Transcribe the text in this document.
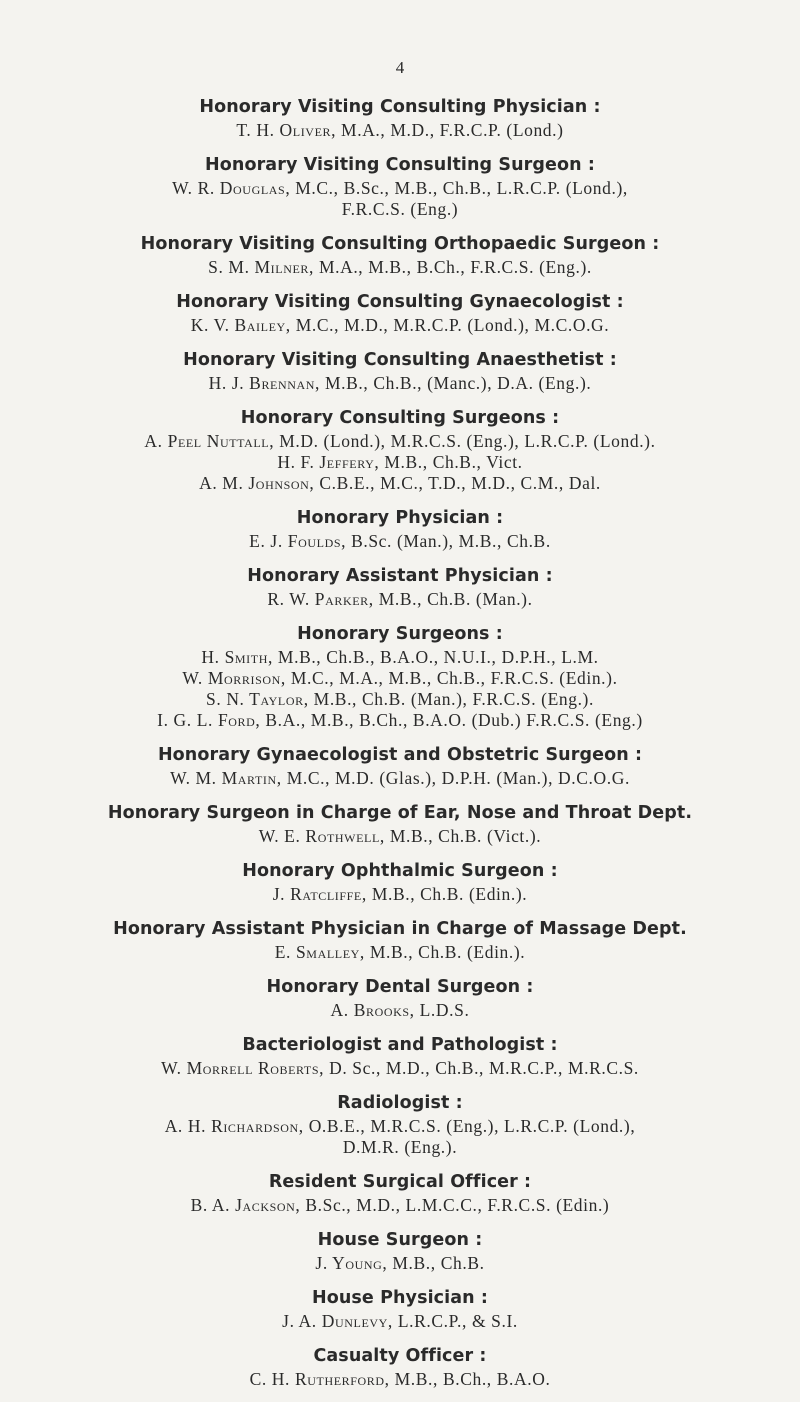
4
Honorary Visiting Consulting Physician :
T. H. Oliver, M.A., M.D., F.R.C.P. (Lond.)
Honorary Visiting Consulting Surgeon :
W. R. Douglas, M.C., B.Sc., M.B., Ch.B., L.R.C.P. (Lond.),
F.R.C.S. (Eng.)
Honorary Visiting Consulting Orthopaedic Surgeon :
S. M. Milner, M.A., M.B., B.Ch., F.R.C.S. (Eng.).
Honorary Visiting Consulting Gynaecologist :
K. V. Bailey, M.C., M.D., M.R.C.P. (Lond.), M.C.O.G.
Honorary Visiting Consulting Anaesthetist :
H. J. Brennan, M.B., Ch.B., (Manc.), D.A. (Eng.).
Honorary Consulting Surgeons :
A. Peel Nuttall, M.D. (Lond.), M.R.C.S. (Eng.), L.R.C.P. (Lond.).
H. F. Jeffery, M.B., Ch.B., Vict.
A. M. Johnson, C.B.E., M.C., T.D., M.D., C.M., Dal.
Honorary Physician :
E. J. Foulds, B.Sc. (Man.), M.B., Ch.B.
Honorary Assistant Physician :
R. W. Parker, M.B., Ch.B. (Man.).
Honorary Surgeons :
H. Smith, M.B., Ch.B., B.A.O., N.U.I., D.P.H., L.M.
W. Morrison, M.C., M.A., M.B., Ch.B., F.R.C.S. (Edin.).
S. N. Taylor, M.B., Ch.B. (Man.), F.R.C.S. (Eng.).
I. G. L. Ford, B.A., M.B., B.Ch., B.A.O. (Dub.) F.R.C.S. (Eng.)
Honorary Gynaecologist and Obstetric Surgeon :
W. M. Martin, M.C., M.D. (Glas.), D.P.H. (Man.), D.C.O.G.
Honorary Surgeon in Charge of Ear, Nose and Throat Dept.
W. E. Rothwell, M.B., Ch.B. (Vict.).
Honorary Ophthalmic Surgeon :
J. Ratcliffe, M.B., Ch.B. (Edin.).
Honorary Assistant Physician in Charge of Massage Dept.
E. Smalley, M.B., Ch.B. (Edin.).
Honorary Dental Surgeon :
A. Brooks, L.D.S.
Bacteriologist and Pathologist :
W. Morrell Roberts, D. Sc., M.D., Ch.B., M.R.C.P., M.R.C.S.
Radiologist :
A. H. Richardson, O.B.E., M.R.C.S. (Eng.), L.R.C.P. (Lond.),
D.M.R. (Eng.).
Resident Surgical Officer :
B. A. Jackson, B.Sc., M.D., L.M.C.C., F.R.C.S. (Edin.)
House Surgeon :
J. Young, M.B., Ch.B.
House Physician :
J. A. Dunlevy, L.R.C.P., & S.I.
Casualty Officer :
C. H. Rutherford, M.B., B.Ch., B.A.O.
